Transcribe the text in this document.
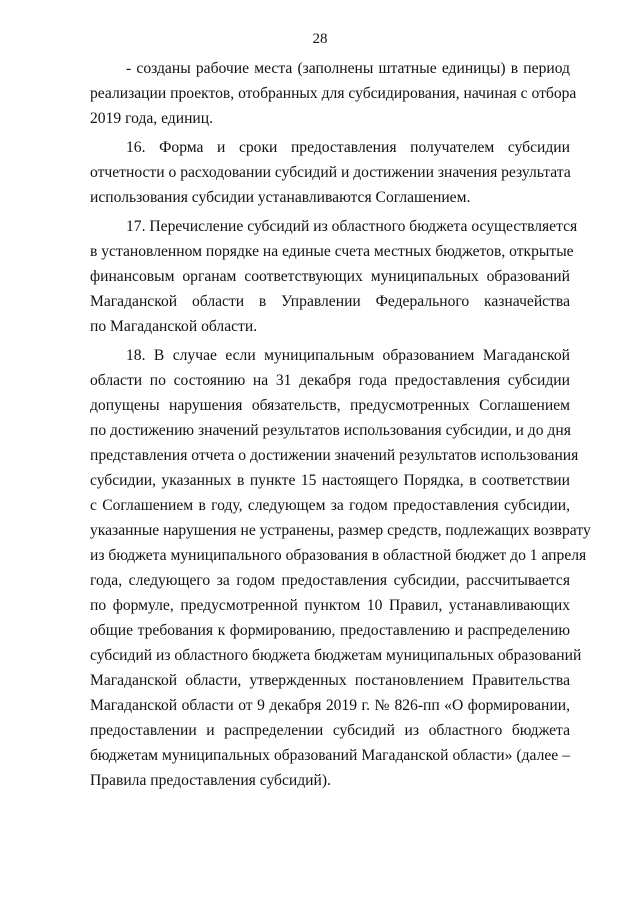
28
- созданы рабочие места (заполнены штатные единицы) в период
реализации проектов, отобранных для субсидирования, начиная с отбора
2019 года, единиц.
16. Форма и сроки предоставления получателем субсидии
отчетности о расходовании субсидий и достижении значения результата
использования субсидии устанавливаются Соглашением.
17. Перечисление субсидий из областного бюджета осуществляется
в установленном порядке на единые счета местных бюджетов, открытые
финансовым органам соответствующих муниципальных образований
Магаданской области в Управлении Федерального казначейства
по Магаданской области.
18. В случае если муниципальным образованием Магаданской
области по состоянию на 31 декабря года предоставления субсидии
допущены нарушения обязательств, предусмотренных Соглашением
по достижению значений результатов использования субсидии, и до дня
представления отчета о достижении значений результатов использования
субсидии, указанных в пункте 15 настоящего Порядка, в соответствии
с Соглашением в году, следующем за годом предоставления субсидии,
указанные нарушения не устранены, размер средств, подлежащих возврату
из бюджета муниципального образования в областной бюджет до 1 апреля
года, следующего за годом предоставления субсидии, рассчитывается
по формуле, предусмотренной пунктом 10 Правил, устанавливающих
общие требования к формированию, предоставлению и распределению
субсидий из областного бюджета бюджетам муниципальных образований
Магаданской области, утвержденных постановлением Правительства
Магаданской области от 9 декабря 2019 г. № 826-пп «О формировании,
предоставлении и распределении субсидий из областного бюджета
бюджетам муниципальных образований Магаданской области» (далее –
Правила предоставления субсидий).
